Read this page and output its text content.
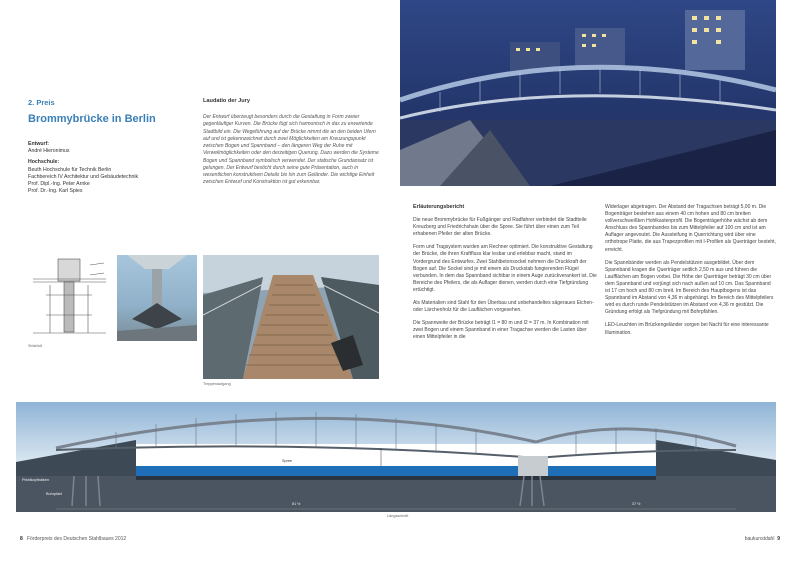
2. Preis
Brommybrücke in Berlin

Entwurf:
André Hieronimus

Hochschule:
Beuth Hochschule für Technik Berlin
Fachbereich IV Architektur und Gebäudetechnik
Prof. Dipl.-Ing. Peter Arnke
Prof. Dr.-Ing. Karl Spies

Laudatio der Jury
Der Entwurf überzeugt besonders durch die Gestaltung in Form zweier gegenläufiger Kurven. Die Brücke fügt sich harmonisch in das zu erwartende Stadtbild ein. Die Wegeführung auf der Brücke nimmt die an den beiden Ufern auf und ist gekennzeichnet durch zwei Möglichkeiten am Kreuzungspunkt zwischen Bogen und Spannband – den längeren Weg der Ruhe mit Verweilmöglichkeiten oder den derzeitigen Querung. Dazu werden die Systeme Bogen und Spannband symbolisch verwendet. Der statische Grundansatz ist gelungen. Der Entwurf besticht durch seine gute Präsentation, auch in wesentlichen konstruktiven Details bis hin zum Geländer. Die wichtige Einheit zwischen Entwurf und Konstruktion ist gut erkennbar.
Stützfuß
Treppenaufgang
Erläuterungsbericht

Die neue Brommybrücke für Fußgänger und Radfahrer verbindet die Stadtteile Kreuzberg und Friedrichshain über die Spree. Sie führt über einen zum Teil erhabenen Pfeiler der alten Brücke.

Form und Tragsystem wurden am Rechner optimiert. Die konstruktive Gestaltung der Brücke, die ihren Kraftfluss klar lesbar und erlebbar macht, stand im Vordergrund des Entwurfes. Zwei Stahlbetonsockel nehmen die Druckkraft der Bogen auf. Die Sockel sind je mit einem als Druckstab fungierenden Flügel verbunden. In dem das Spannband sichtbar in einem Auge zurückverankert ist. Die Bereiche des Pfeilers, die als Auflager dienen, werden durch eine Tiefgründung ertüchtigt.

Als Materialien sind Stahl für den Überbau und unbehandeltes sägeraues Eichen- oder Lärchenholz für die Lauflächen vorgesehen.

Die Spannweite der Brücke beträgt l1 = 80 m und l2 = 37 m. In Kombination mit zwei Bogen und einem Spannband in einer Tragachse werden die Lasten über einen Mittelpfeiler in die

Widerlager abgetragen. Der Abstand der Tragachsen beträgt 5,00 m. Die Bogenträger bestehen aus einem 40 cm hohen und 80 cm breiten vollverschweißten Hohlkastenprofil. Die Bogenträgerhöhe wächst ab dem Anschluss des Spannbandes bis zum Mittelpfeiler auf 100 cm und ist am Auflager angevoutet. Die Aussteifung in Querrichtung wird über eine orthotrope Platte, die aus Trapezprofilen mit I-Profilen als Querträger besteht, erreicht.

Die Spannbänder werden als Pendelstützen ausgebildet. Über dem Spannband kragen die Querträger seitlich 2,50 m aus und führen die Laufflächen am Bogen vorbei. Die Höhe der Querträger beträgt 30 cm über dem Spannband und vorjüngt sich nach außen auf 10 cm. Das Spannband ist 17 cm hoch und 80 cm breit. Im Bereich des Hauptbogens ist das Spannband im Abstand von 4,36 m abgehängt. Im Bereich des Mittelpfeilers wird es durch runde Pendelstützen im Abstand von 4,36 m gestützt. Die Gründung erfolgt als Tiefgründung mit Bohrpfählen.

LED-Leuchten im Brückengeländer sorgen bei Nacht für eine interessante Illumination.

Pfahlkopfbalken
Bohrpfahl
Spree
81 ½	37 ½
Längsschnitt
8 Förderpreis des Deutschen Stahlbaues 2012	baukunstdahl 9
